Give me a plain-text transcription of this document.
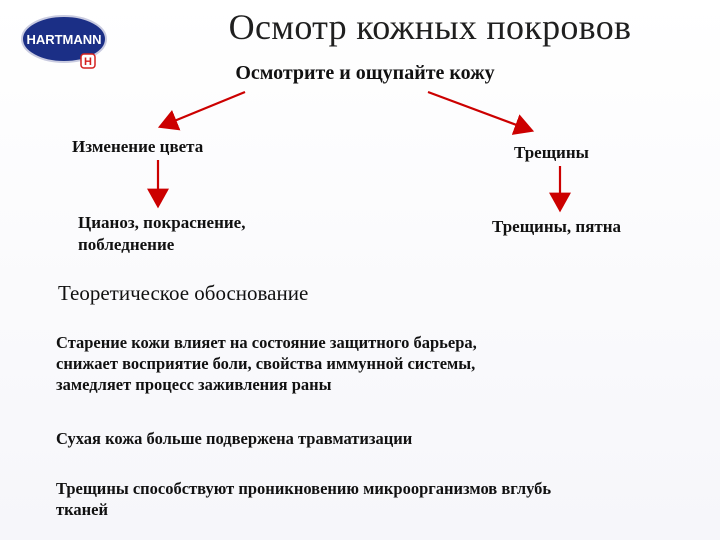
HARTMANN
H
Осмотр кожных покровов
Осмотрите и ощупайте кожу
Изменение цвета	Трещины
Цианоз, покраснение,
побледнение
Трещины, пятна
Теоретическое обоснование
Старение кожи влияет на состояние защитного барьера,
снижает восприятие боли, свойства иммунной системы,
замедляет процесс заживления раны
Сухая кожа больше подвержена травматизации
Трещины способствуют проникновению микроорганизмов вглубь
тканей
